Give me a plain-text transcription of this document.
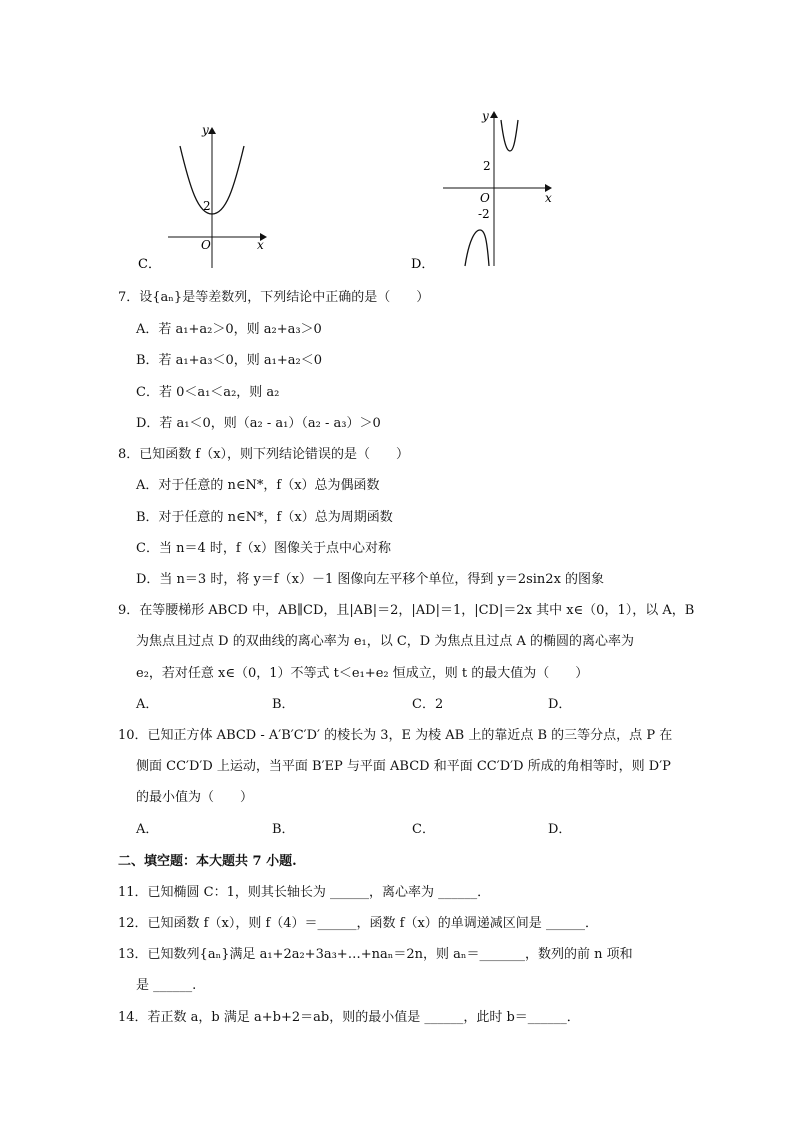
y
x
O
2
C．
y
x
O
2
-2
D．
7．设{aₙ}是等差数列，下列结论中正确的是（　　）
A．若 a₁+a₂＞0，则 a₂+a₃＞0
B．若 a₁+a₃＜0，则 a₁+a₂＜0
C．若 0＜a₁＜a₂，则 a₂
D．若 a₁＜0，则（a₂ - a₁）（a₂ - a₃）＞0
8．已知函数 f（x），则下列结论错误的是（　　）
A．对于任意的 n∈N*，f（x）总为偶函数
B．对于任意的 n∈N*，f（x）总为周期函数
C．当 n＝4 时，f（x）图像关于点中心对称
D．当 n＝3 时，将 y＝f（x）－1 图像向左平移个单位，得到 y＝2sin2x 的图象
9．在等腰梯形 ABCD 中，AB∥CD，且|AB|＝2，|AD|＝1，|CD|＝2x 其中 x∈（0，1），以 A，B
为焦点且过点 D 的双曲线的离心率为 e₁，以 C，D 为焦点且过点 A 的椭圆的离心率为
e₂，若对任意 x∈（0，1）不等式 t＜e₁+e₂ 恒成立，则 t 的最大值为（　　）
A．	B．	C．2	D．
10．已知正方体 ABCD - A′B′C′D′ 的棱长为 3，E 为棱 AB 上的靠近点 B 的三等分点，点 P 在
侧面 CC′D′D 上运动，当平面 B′EP 与平面 ABCD 和平面 CC′D′D 所成的角相等时，则 D′P
的最小值为（　　）
A．	B．	C．	D．
二、填空题：本大题共 7 小题.
11．已知椭圆 C：1，则其长轴长为 ______，离心率为 ______．
12．已知函数 f（x），则 f（4）＝______，函数 f（x）的单调递减区间是 ______．
13．已知数列{aₙ}满足 a₁+2a₂+3a₃+…+naₙ＝2n，则 aₙ＝_______，数列的前 n 项和
是 ______.
14．若正数 a，b 满足 a+b+2＝ab，则的最小值是 ______，此时 b＝______．
